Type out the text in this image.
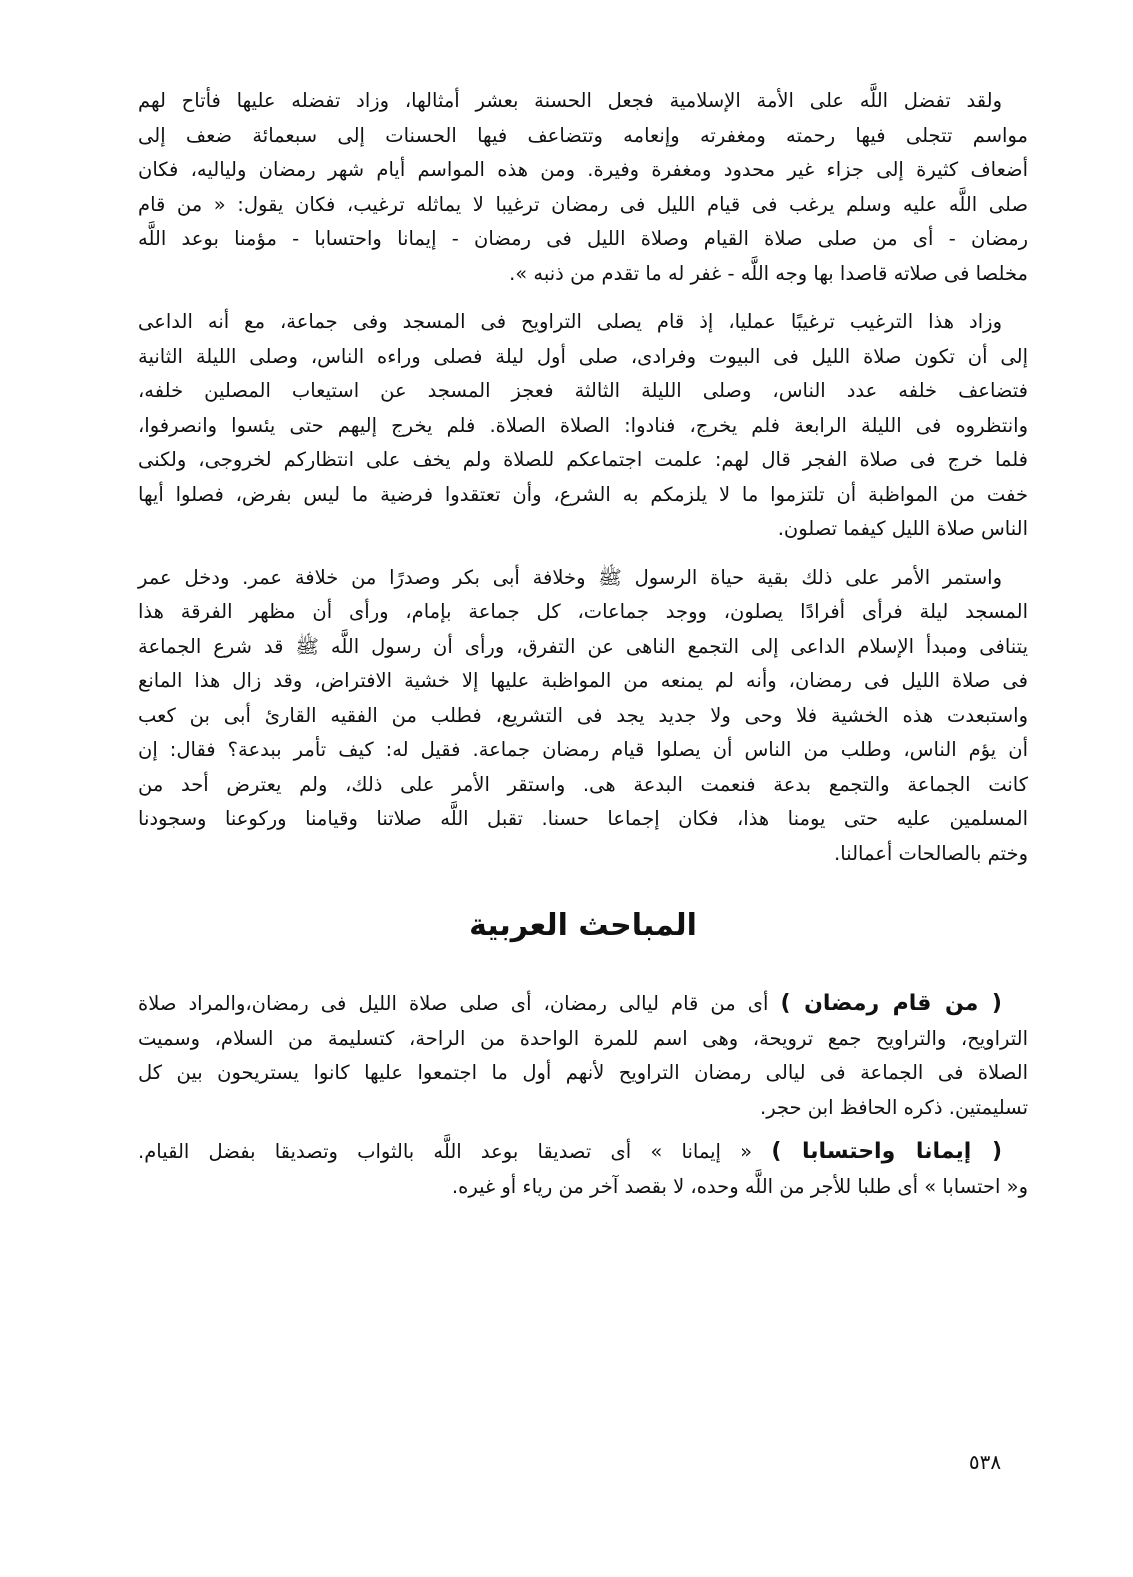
ولقد تفضل اللَّه على الأمة الإسلامية فجعل الحسنة بعشر أمثالها، وزاد تفضله عليها فأتاح لهم
مواسم تتجلى فيها رحمته ومغفرته وإنعامه وتتضاعف فيها الحسنات إلى سبعمائة ضعف إلى
أضعاف كثيرة إلى جزاء غير محدود ومغفرة وفيرة. ومن هذه المواسم أيام شهر رمضان ولياليه، فكان
صلى اللَّه عليه وسلم يرغب فى قيام الليل فى رمضان ترغيبا لا يماثله ترغيب، فكان يقول: « من قام
رمضان - أى من صلى صلاة القيام وصلاة الليل فى رمضان - إيمانا واحتسابا - مؤمنا بوعد اللَّه
مخلصا فى صلاته قاصدا بها وجه اللَّه - غفر له ما تقدم من ذنبه ».
وزاد هذا الترغيب ترغيبًا عمليا، إذ قام يصلى التراويح فى المسجد وفى جماعة، مع أنه الداعى
إلى أن تكون صلاة الليل فى البيوت وفرادى، صلى أول ليلة فصلى وراءه الناس، وصلى الليلة الثانية
فتضاعف خلفه عدد الناس، وصلى الليلة الثالثة فعجز المسجد عن استيعاب المصلين خلفه،
وانتظروه فى الليلة الرابعة فلم يخرج، فنادوا: الصلاة الصلاة. فلم يخرج إليهم حتى يئسوا وانصرفوا،
فلما خرج فى صلاة الفجر قال لهم: علمت اجتماعكم للصلاة ولم يخف على انتظاركم لخروجى، ولكنى
خفت من المواظبة أن تلتزموا ما لا يلزمكم به الشرع، وأن تعتقدوا فرضية ما ليس بفرض، فصلوا أيها
الناس صلاة الليل كيفما تصلون.
واستمر الأمر على ذلك بقية حياة الرسول ﷺ وخلافة أبى بكر وصدرًا من خلافة عمر. ودخل عمر
المسجد ليلة فرأى أفرادًا يصلون، ووجد جماعات، كل جماعة بإمام، ورأى أن مظهر الفرقة هذا
يتنافى ومبدأ الإسلام الداعى إلى التجمع الناهى عن التفرق، ورأى أن رسول اللَّه ﷺ قد شرع الجماعة
فى صلاة الليل فى رمضان، وأنه لم يمنعه من المواظبة عليها إلا خشية الافتراض، وقد زال هذا المانع
واستبعدت هذه الخشية فلا وحى ولا جديد يجد فى التشريع، فطلب من الفقيه القارئ أبى بن كعب
أن يؤم الناس، وطلب من الناس أن يصلوا قيام رمضان جماعة. فقيل له: كيف تأمر ببدعة؟ فقال: إن
كانت الجماعة والتجمع بدعة فنعمت البدعة هى. واستقر الأمر على ذلك، ولم يعترض أحد من
المسلمين عليه حتى يومنا هذا، فكان إجماعا حسنا. تقبل اللَّه صلاتنا وقيامنا وركوعنا وسجودنا
وختم بالصالحات أعمالنا.
المباحث العربية
( من قام رمضان ) أى من قام ليالى رمضان، أى صلى صلاة الليل فى رمضان،والمراد صلاة
التراويح، والتراويح جمع ترويحة، وهى اسم للمرة الواحدة من الراحة، كتسليمة من السلام، وسميت
الصلاة فى الجماعة فى ليالى رمضان التراويح لأنهم أول ما اجتمعوا عليها كانوا يستريحون بين كل
تسليمتين. ذكره الحافظ ابن حجر.
( إيمانا واحتسابا ) « إيمانا » أى تصديقا بوعد اللَّه بالثواب وتصديقا بفضل القيام.
و« احتسابا » أى طلبا للأجر من اللَّه وحده، لا بقصد آخر من رياء أو غيره.
٥٣٨
